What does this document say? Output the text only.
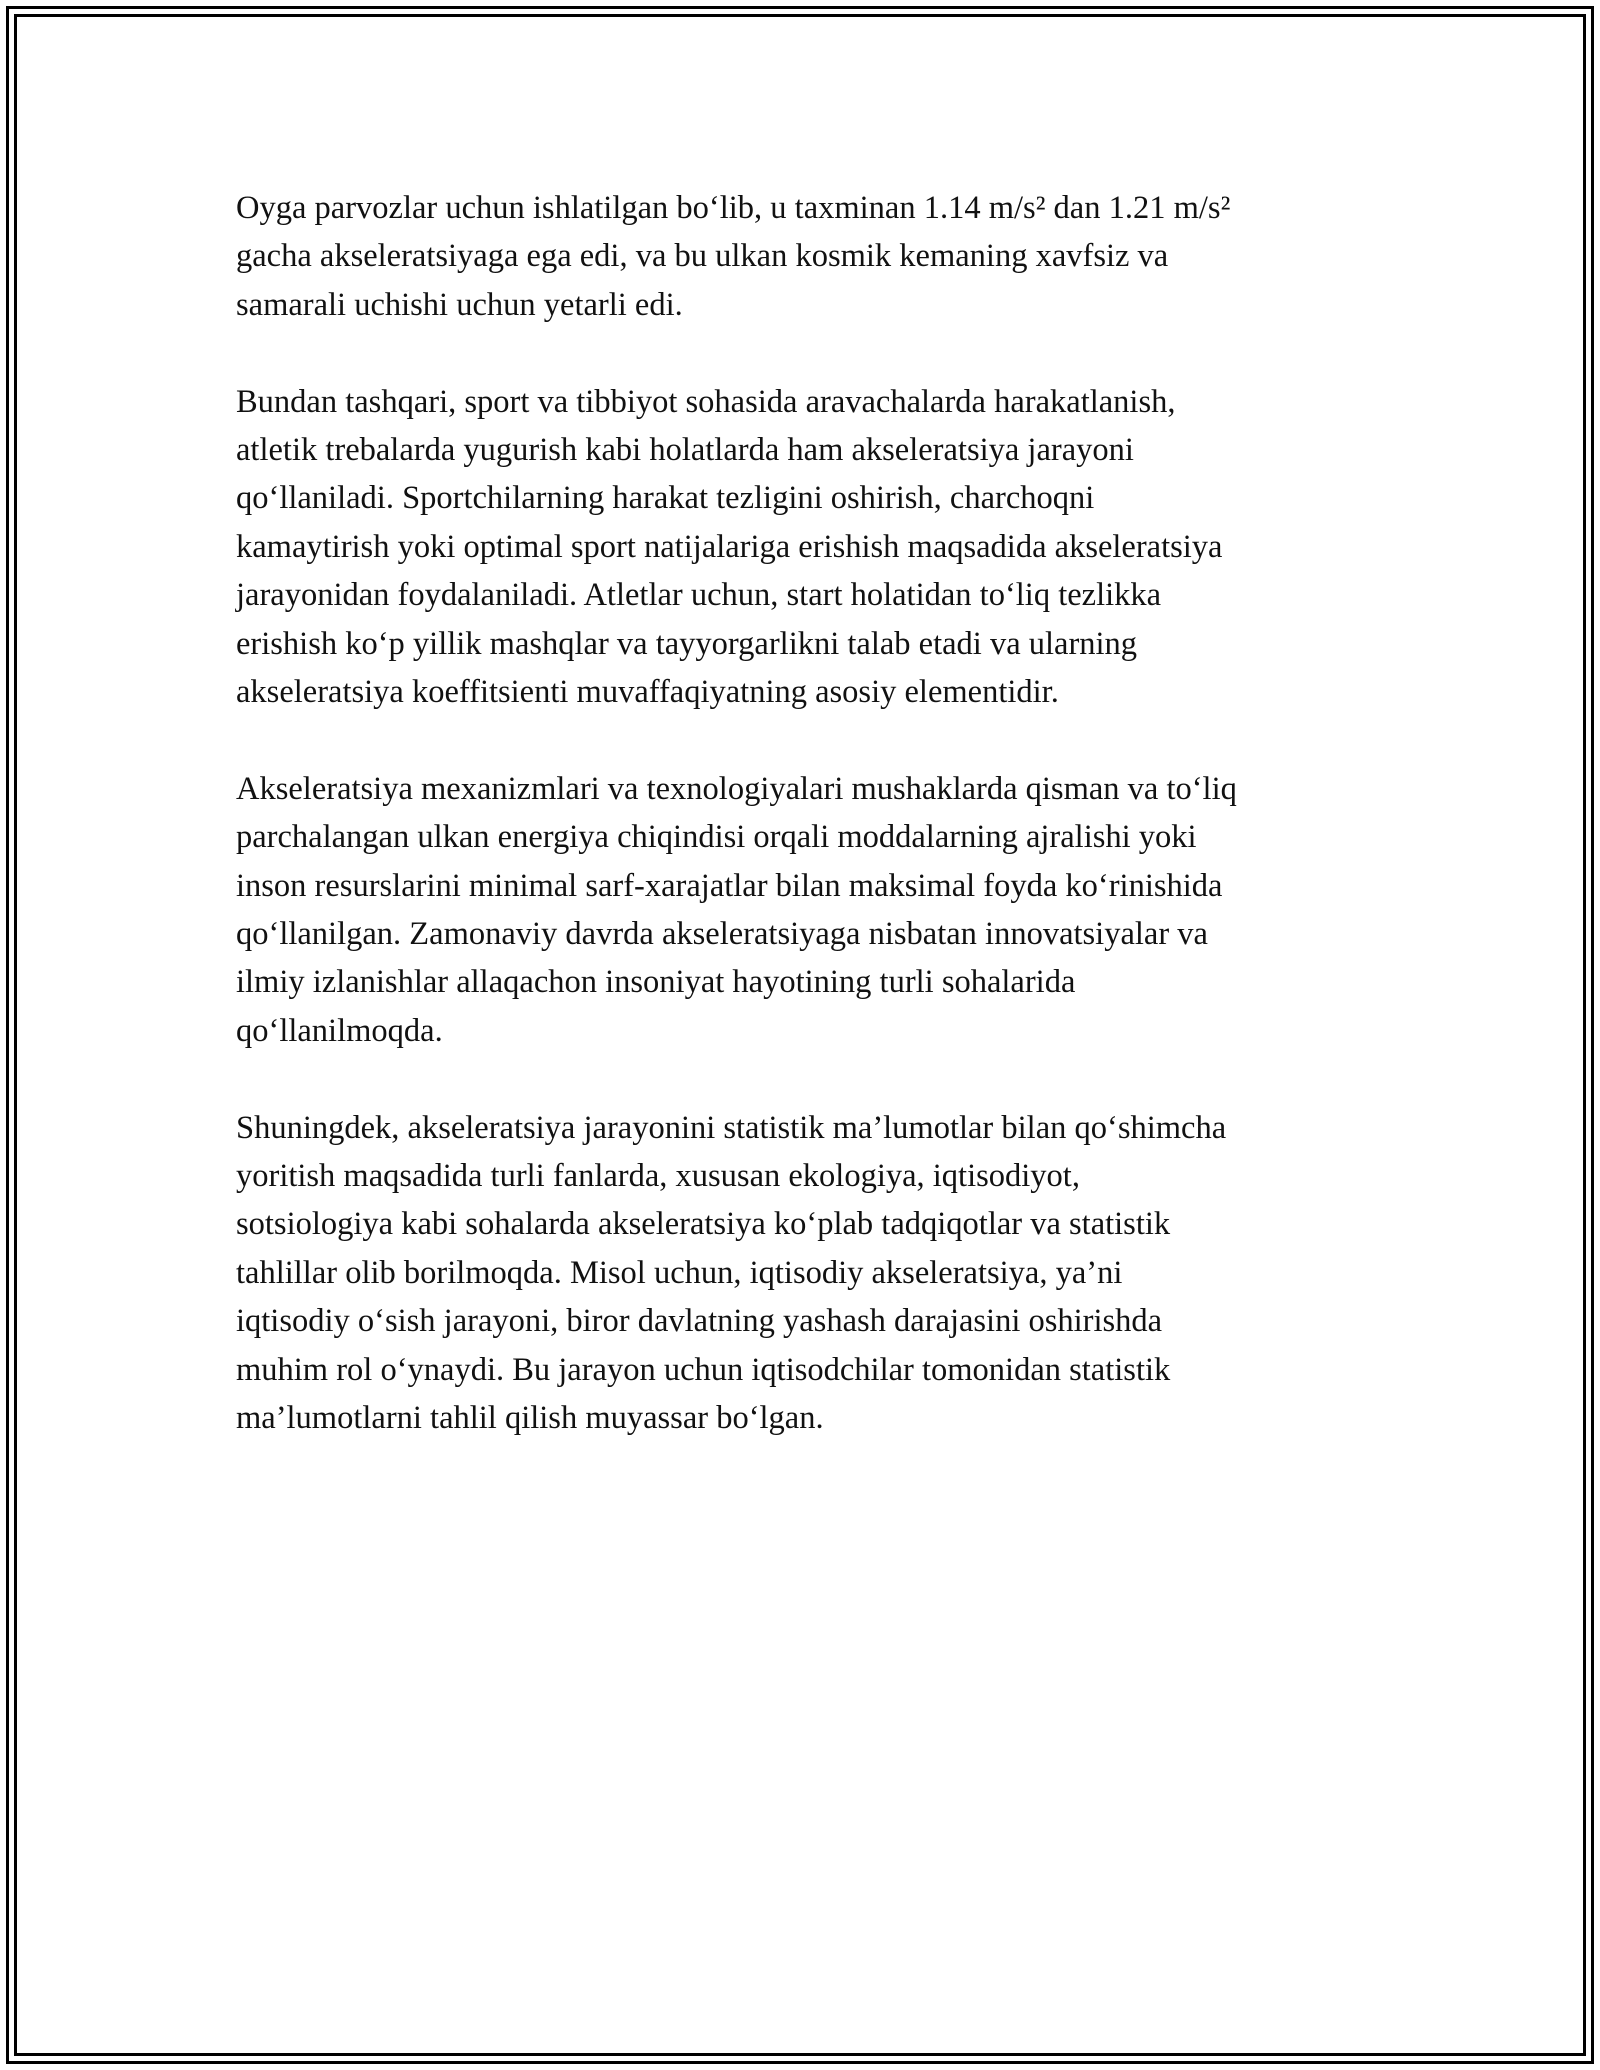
Oyga parvozlar uchun ishlatilgan bo‘lib, u taxminan 1.14 m/s² dan 1.21 m/s²
gacha akseleratsiyaga ega edi, va bu ulkan kosmik kemaning xavfsiz va
samarali uchishi uchun yetarli edi.

Bundan tashqari, sport va tibbiyot sohasida aravachalarda harakatlanish,
atletik trebalarda yugurish kabi holatlarda ham akseleratsiya jarayoni
qo‘llaniladi. Sportchilarning harakat tezligini oshirish, charchoqni
kamaytirish yoki optimal sport natijalariga erishish maqsadida akseleratsiya
jarayonidan foydalaniladi. Atletlar uchun, start holatidan to‘liq tezlikka
erishish ko‘p yillik mashqlar va tayyorgarlikni talab etadi va ularning
akseleratsiya koeffitsienti muvaffaqiyatning asosiy elementidir.

Akseleratsiya mexanizmlari va texnologiyalari mushaklarda qisman va to‘liq
parchalangan ulkan energiya chiqindisi orqali moddalarning ajralishi yoki
inson resurslarini minimal sarf-xarajatlar bilan maksimal foyda ko‘rinishida
qo‘llanilgan. Zamonaviy davrda akseleratsiyaga nisbatan innovatsiyalar va
ilmiy izlanishlar allaqachon insoniyat hayotining turli sohalarida
qo‘llanilmoqda.

Shuningdek, akseleratsiya jarayonini statistik ma’lumotlar bilan qo‘shimcha
yoritish maqsadida turli fanlarda, xususan ekologiya, iqtisodiyot,
sotsiologiya kabi sohalarda akseleratsiya ko‘plab tadqiqotlar va statistik
tahlillar olib borilmoqda. Misol uchun, iqtisodiy akseleratsiya, ya’ni
iqtisodiy o‘sish jarayoni, biror davlatning yashash darajasini oshirishda
muhim rol o‘ynaydi. Bu jarayon uchun iqtisodchilar tomonidan statistik
ma’lumotlarni tahlil qilish muyassar bo‘lgan.
